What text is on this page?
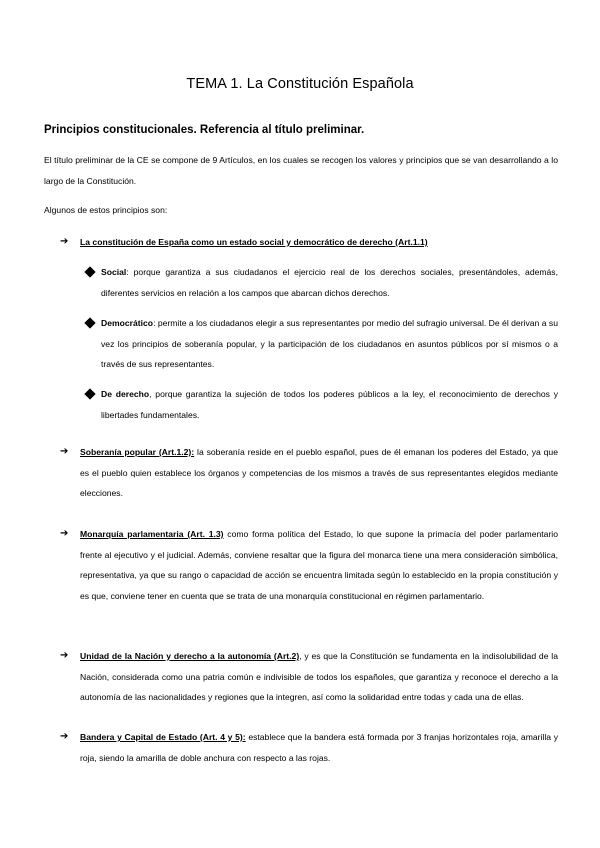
TEMA 1. La Constitución Española
Principios constitucionales. Referencia al título preliminar.
El título preliminar de la CE se compone de 9 Artículos, en los cuales se recogen los valores y principios que se van desarrollando a lo largo de la Constitución.
Algunos de estos principios son:
➔	La constitución de España como un estado social y democrático de derecho (Art.1.1)
Social: porque garantiza a sus ciudadanos el ejercicio real de los derechos sociales, presentándoles, además, diferentes servicios en relación a los campos que abarcan dichos derechos.
Democrático: permite a los ciudadanos elegir a sus representantes por medio del sufragio universal. De él derivan a su vez los principios de soberanía popular, y la participación de los ciudadanos en asuntos públicos por sí mismos o a través de sus representantes.
De derecho, porque garantiza la sujeción de todos los poderes públicos a la ley, el reconocimiento de derechos y libertades fundamentales.
➔	Soberanía popular (Art.1.2): la soberanía reside en el pueblo español, pues de él emanan los poderes del Estado, ya que es el pueblo quien establece los órganos y competencias de los mismos a través de sus representantes elegidos mediante elecciones.
➔	Monarquía parlamentaria (Art. 1.3) como forma política del Estado, lo que supone la primacía del poder parlamentario frente al ejecutivo y el judicial. Además, conviene resaltar que la figura del monarca tiene una mera consideración simbólica, representativa, ya que su rango o capacidad de acción se encuentra limitada según lo establecido en la propia constitución y es que, conviene tener en cuenta que se trata de una monarquía constitucional en régimen parlamentario.
➔	Unidad de la Nación y derecho a la autonomía (Art.2), y es que la Constitución se fundamenta en la indisolubilidad de la Nación, considerada como una patria común e indivisible de todos los españoles, que garantiza y reconoce el derecho a la autonomía de las nacionalidades y regiones que la integren, así como la solidaridad entre todas y cada una de ellas.
➔	Bandera y Capital de Estado (Art. 4 y 5): establece que la bandera está formada por 3 franjas horizontales roja, amarilla y roja, siendo la amarilla de doble anchura con respecto a las rojas.
